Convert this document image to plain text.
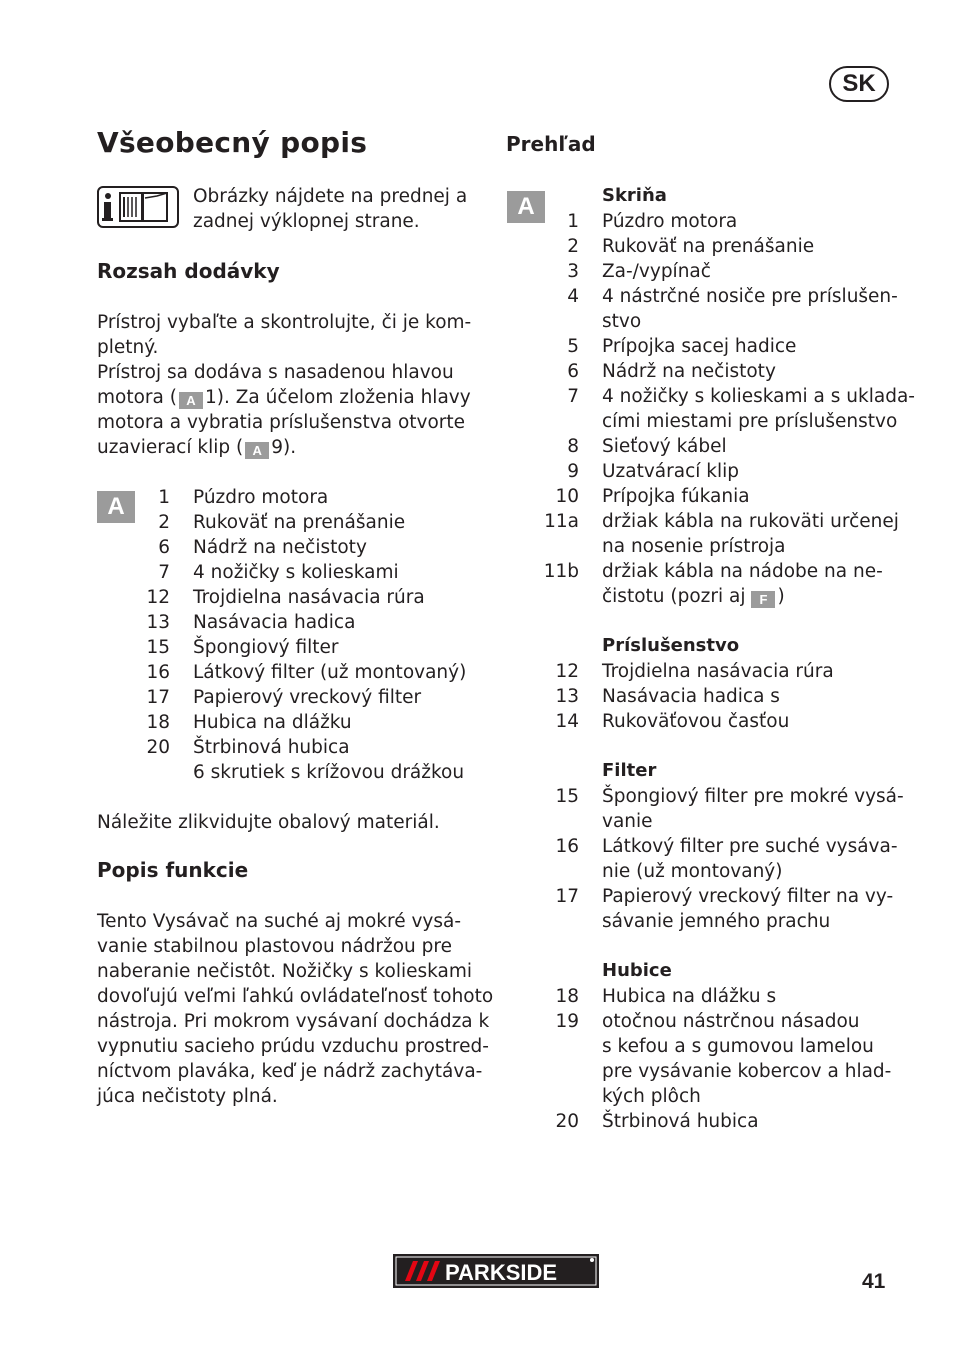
SK
Všeobecný popis
Obrázky nájdete na prednej a
zadnej výklopnej strane.
Rozsah dodávky
Prístroj vybaľte a skontrolujte, či je kom-
pletný.
Prístroj sa dodáva s nasadenou hlavou
motora ( A 1). Za účelom zloženia hlavy
motora a vybratia príslušenstva otvorte
uzavierací klip ( A 9).
A	1 Púzdro motora
2 Rukoväť na prenášanie
6 Nádrž na nečistoty
7 4 nožičky s kolieskami
12 Trojdielna nasávacia rúra
13 Nasávacia hadica
15 Špongiový filter
16 Látkový filter (už montovaný)
17 Papierový vreckový filter
18 Hubica na dlážku
20 Štrbinová hubica
6 skrutiek s krížovou drážkou
Náležite zlikvidujte obalový materiál.
Popis funkcie
Tento Vysávač na suché aj mokré vysá-
vanie stabilnou plastovou nádržou pre
naberanie nečistôt. Nožičky s kolieskami
dovoľujú veľmi ľahkú ovládateľnosť tohoto
nástroja. Pri mokrom vysávaní dochádza k
vypnutiu sacieho prúdu vzduchu prostred-
níctvom plaváka, keď je nádrž zachytáva-
júca nečistoty plná.
Prehľad
A	Skriňa
1 Púzdro motora
2 Rukoväť na prenášanie
3 Za-/vypínač
4 4 nástrčné nosiče pre príslušen-
stvo
5 Prípojka sacej hadice
6 Nádrž na nečistoty
7 4 nožičky s kolieskami a s uklada-
cími miestami pre príslušenstvo
8 Sieťový kábel
9 Uzatvárací klip
10 Prípojka fúkania
11a držiak kábla na rukoväti určenej
na nosenie prístroja
11b držiak kábla na nádobe na ne-
čistotu (pozri aj F )
Príslušenstvo
12 Trojdielna nasávacia rúra
13 Nasávacia hadica s
14 Rukoväťovou časťou
Filter
15 Špongiový filter pre mokré vysá-
vanie
16 Látkový filter pre suché vysáva-
nie (už montovaný)
17 Papierový vreckový filter na vy-
sávanie jemného prachu
Hubice
18 Hubica na dlážku s
19 otočnou nástrčnou násadou
s kefou a s gumovou lamelou
pre vysávanie kobercov a hlad-
kých plôch
20 Štrbinová hubica
PARKSIDE	41
